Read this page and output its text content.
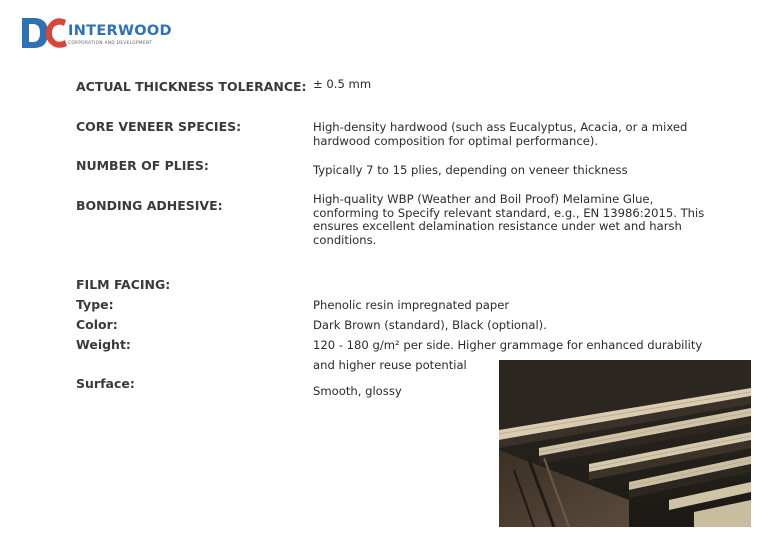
INTERWOOD
CORPORATION AND DEVELOPMENT
ACTUAL THICKNESS TOLERANCE: ± 0.5 mm
CORE VENEER SPECIES:	High-density hardwood (such ass Eucalyptus, Acacia, or a mixed hardwood composition for optimal performance).
NUMBER OF PLIES:	Typically 7 to 15 plies, depending on veneer thickness
BONDING ADHESIVE:	High-quality WBP (Weather and Boil Proof) Melamine Glue, conforming to Specify relevant standard, e.g., EN 13986:2015. This ensures excellent delamination resistance under wet and harsh conditions.
FILM FACING:
Type:	Phenolic resin impregnated paper
Color:	Dark Brown (standard), Black (optional).
Weight:	120 - 180 g/m² per side. Higher grammage for enhanced durability
and higher reuse potential
Surface:	Smooth, glossy
